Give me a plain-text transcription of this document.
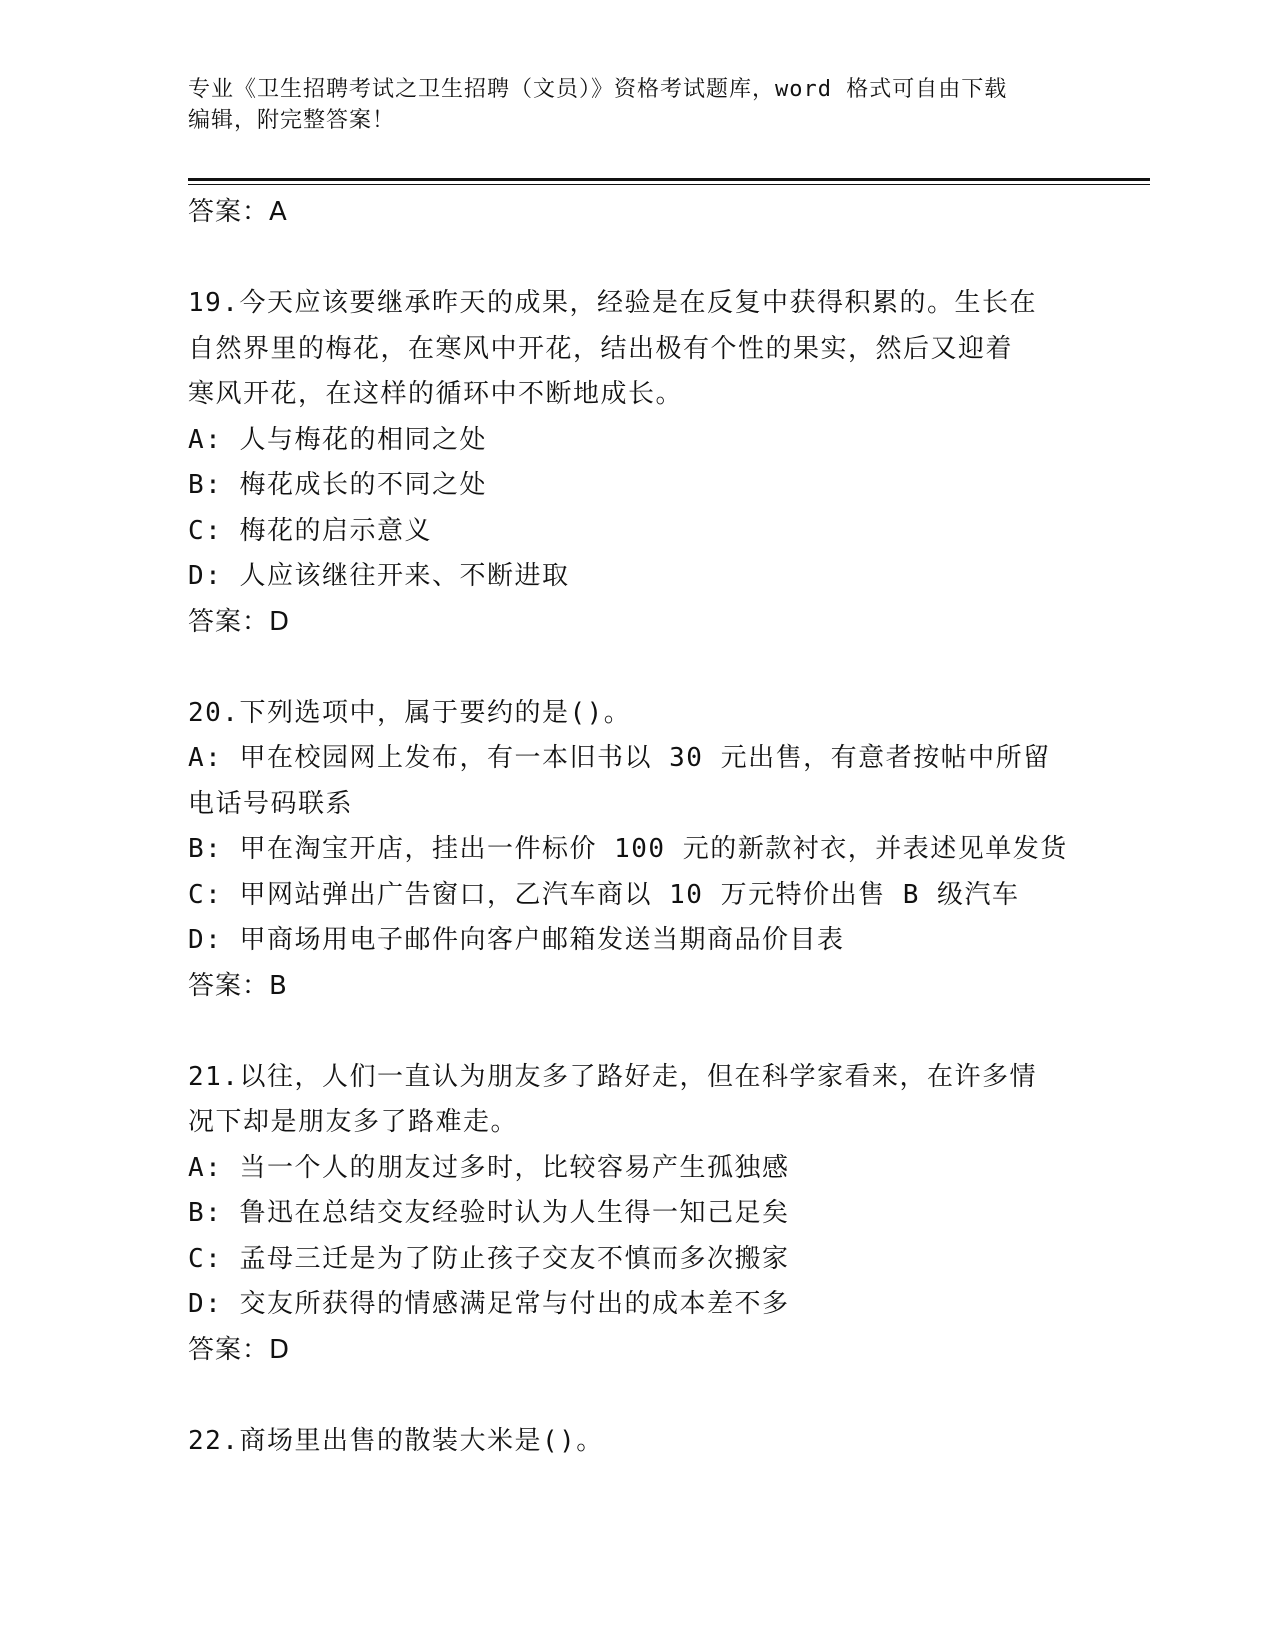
专业《卫生招聘考试之卫生招聘（文员）》资格考试题库，word 格式可自由下载
编辑，附完整答案！
答案：A
19.今天应该要继承昨天的成果，经验是在反复中获得积累的。生长在
自然界里的梅花，在寒风中开花，结出极有个性的果实，然后又迎着
寒风开花，在这样的循环中不断地成长。
A: 人与梅花的相同之处
B: 梅花成长的不同之处
C: 梅花的启示意义
D: 人应该继往开来、不断进取
答案：D
20.下列选项中，属于要约的是()。
A: 甲在校园网上发布，有一本旧书以 30 元出售，有意者按帖中所留
电话号码联系
B: 甲在淘宝开店，挂出一件标价 100 元的新款衬衣，并表述见单发货
C: 甲网站弹出广告窗口，乙汽车商以 10 万元特价出售 B 级汽车
D: 甲商场用电子邮件向客户邮箱发送当期商品价目表
答案：B
21.以往，人们一直认为朋友多了路好走，但在科学家看来，在许多情
况下却是朋友多了路难走。
A: 当一个人的朋友过多时，比较容易产生孤独感
B: 鲁迅在总结交友经验时认为人生得一知己足矣
C: 孟母三迁是为了防止孩子交友不慎而多次搬家
D: 交友所获得的情感满足常与付出的成本差不多
答案：D
22.商场里出售的散装大米是()。
